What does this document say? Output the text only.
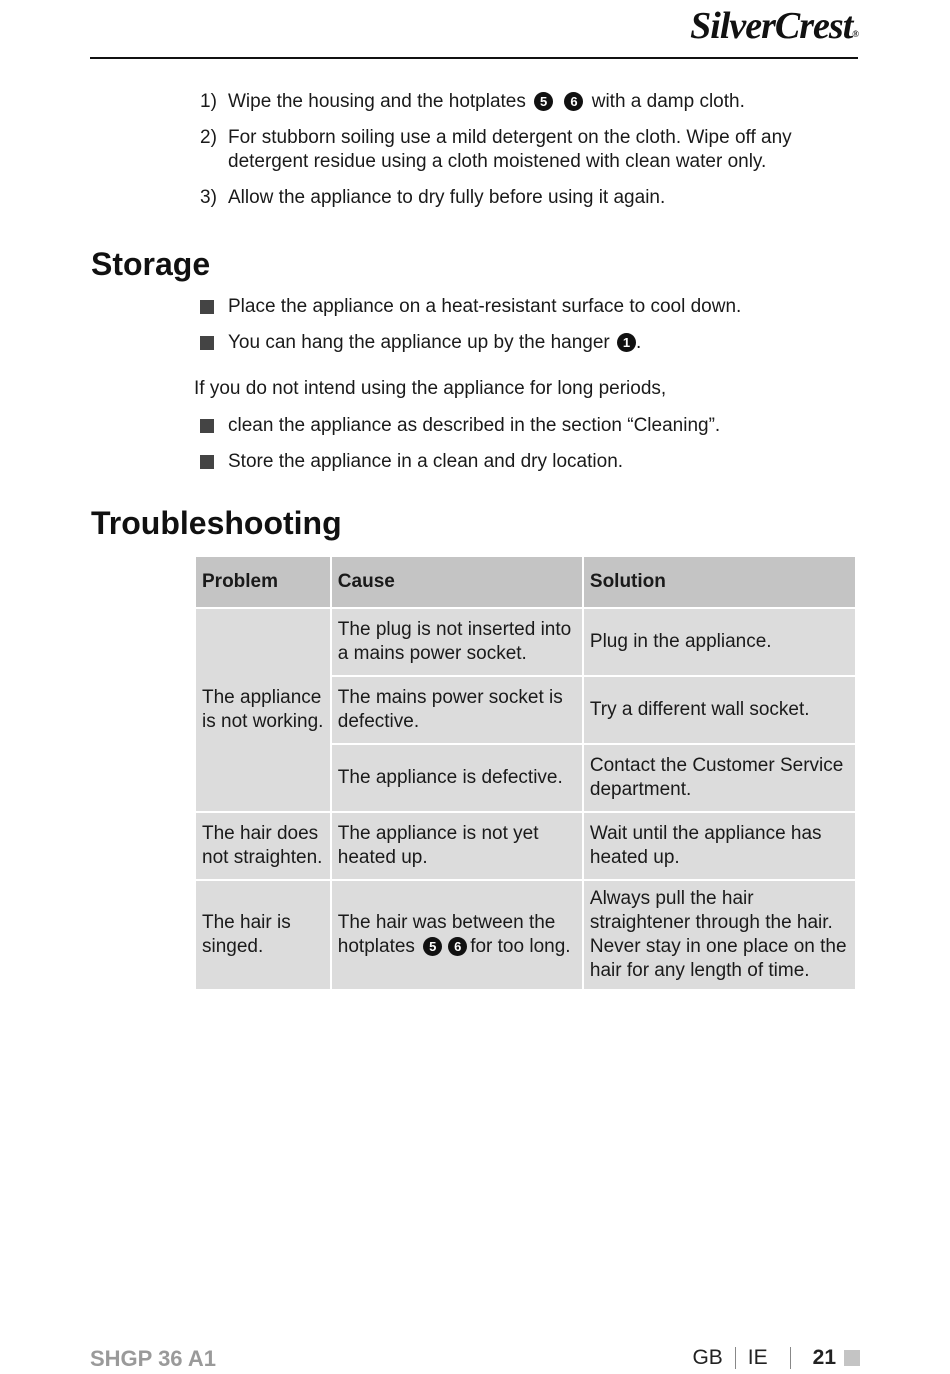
SilverCrest®
1) Wipe the housing and the hotplates 5 6 with a damp cloth.
2) For stubborn soiling use a mild detergent on the cloth. Wipe off any detergent residue using a cloth moistened with clean water only.
3) Allow the appliance to dry fully before using it again.
Storage
Place the appliance on a heat-resistant surface to cool down.
You can hang the appliance up by the hanger 1 .

If you do not intend using the appliance for long periods,

clean the appliance as described in the section “Cleaning”.
Store the appliance in a clean and dry location.
Troubleshooting
Problem	Cause	Solution
The appliance is not working.	The plug is not inserted into a mains power socket.	Plug in the appliance.
	The mains power socket is defective.	Try a different wall socket.
	The appliance is defective.	Contact the Customer Service department.
The hair does not straighten.	The appliance is not yet heated up.	Wait until the appliance has heated up.
The hair is singed.	The hair was between the hotplates 5 6 for too long.	Always pull the hair straightener through the hair. Never stay in one place on the hair for any length of time.
SHGP 36 A1	GB IE 21
